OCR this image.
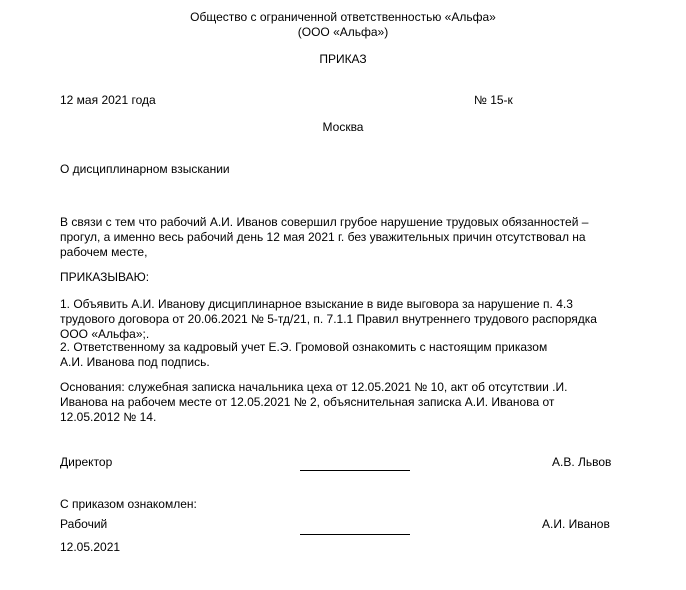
Общество с ограниченной ответственностью «Альфа»
(ООО «Альфа»)
ПРИКАЗ
12 мая 2021 года	№ 15-к
Москва
О дисциплинарном взыскании
В связи с тем что рабочий А.И. Иванов совершил грубое нарушение трудовых обязанностей –
прогул, а именно весь рабочий день 12 мая 2021 г. без уважительных причин отсутствовал на
рабочем месте,
ПРИКАЗЫВАЮ:
1. Объявить А.И. Иванову дисциплинарное взыскание в виде выговора за нарушение п. 4.3
трудового договора от 20.06.2021 № 5-тд/21, п. 7.1.1 Правил внутреннего трудового распорядка
ООО «Альфа»;.
2. Ответственному за кадровый учет Е.Э. Громовой ознакомить с настоящим приказом
А.И. Иванова под подпись.
Основания: служебная записка начальника цеха от 12.05.2021 № 10, акт об отсутствии .И.
Иванова на рабочем месте от 12.05.2021 № 2, объяснительная записка А.И. Иванова от
12.05.2012 № 14.
Директор	А.В. Львов
С приказом ознакомлен:
Рабочий	А.И. Иванов
12.05.2021
